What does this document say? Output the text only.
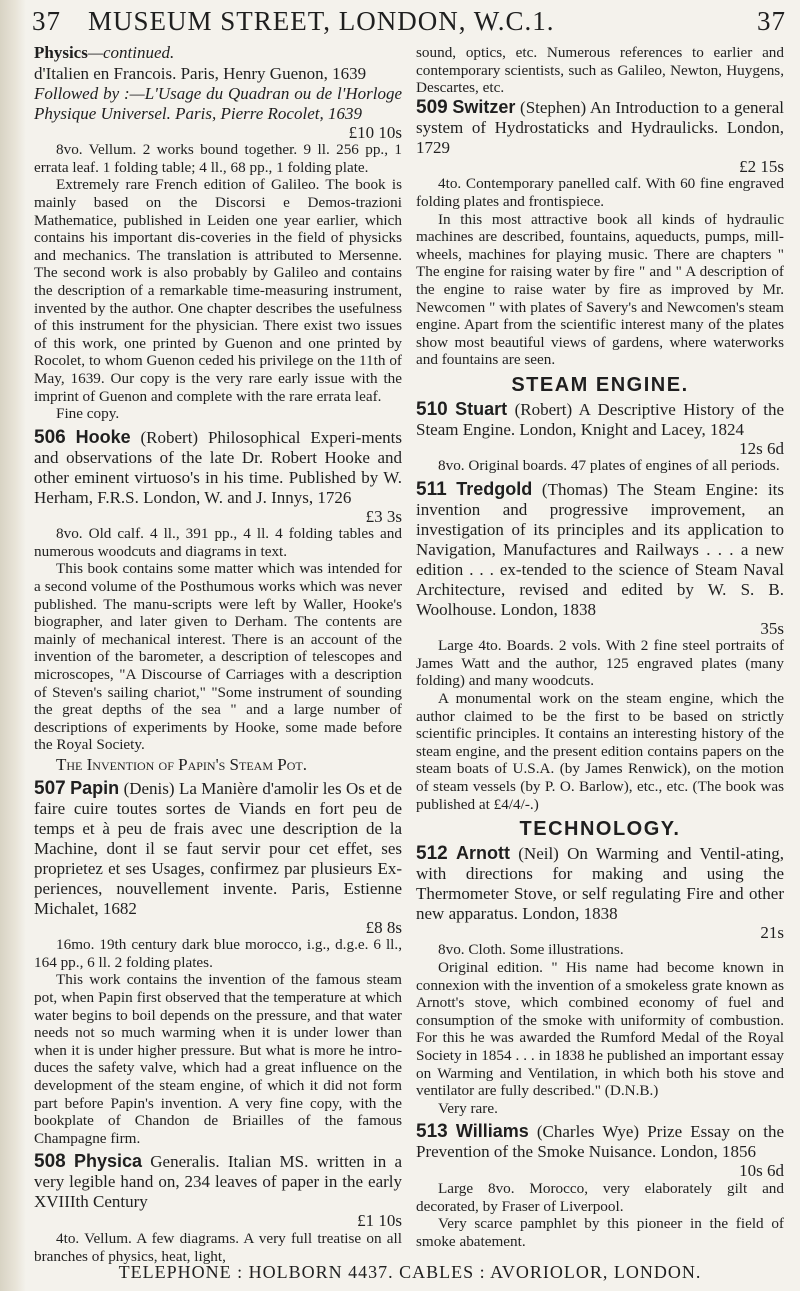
37 MUSEUM STREET, LONDON, W.C.1.	37
Physics—continued.
d'Italien en Francois. Paris, Henry Guenon, 1639
Followed by :—L'Usage du Quadran ou de l'Horloge Physique Universel. Paris, Pierre Rocolet, 1639
£10 10s

8vo. Vellum. 2 works bound together. 9 ll. 256 pp., 1 errata leaf. 1 folding table; 4 ll., 68 pp., 1 folding plate.

Extremely rare French edition of Galileo. The book is mainly based on the Discorsi e Demos-trazioni Mathematice, published in Leiden one year earlier, which contains his important dis-coveries in the field of physicks and mechanics. The translation is attributed to Mersenne. The second work is also probably by Galileo and contains the description of a remarkable time-measuring instrument, invented by the author. One chapter describes the usefulness of this instrument for the physician. There exist two issues of this work, one printed by Guenon and one printed by Rocolet, to whom Guenon ceded his privilege on the 11th of May, 1639. Our copy is the very rare early issue with the imprint of Guenon and complete with the rare errata leaf.

Fine copy.

506 Hooke (Robert) Philosophical Experi-ments and observations of the late Dr. Robert Hooke and other eminent virtuoso's in his time. Published by W. Herham, F.R.S. London, W. and J. Innys, 1726
£3 3s

8vo. Old calf. 4 ll., 391 pp., 4 ll. 4 folding tables and numerous woodcuts and diagrams in text.

This book contains some matter which was intended for a second volume of the Posthumous works which was never published. The manu-scripts were left by Waller, Hooke's biographer, and later given to Derham. The contents are mainly of mechanical interest. There is an account of the invention of the barometer, a description of telescopes and microscopes, "A Discourse of Carriages with a description of Steven's sailing chariot," "Some instrument of sounding the great depths of the sea " and a large number of descriptions of experiments by Hooke, some made before the Royal Society.

The Invention of Papin's Steam Pot.
507 Papin (Denis) La Manière d'amolir les Os et de faire cuire toutes sortes de Viands en fort peu de temps et à peu de frais avec une description de la Machine, dont il se faut servir pour cet effet, ses proprietez et ses Usages, confirmez par plusieurs Ex-periences, nouvellement invente. Paris, Estienne Michalet, 1682
£8 8s

16mo. 19th century dark blue morocco, i.g., d.g.e. 6 ll., 164 pp., 6 ll. 2 folding plates.

This work contains the invention of the famous steam pot, when Papin first observed that the temperature at which water begins to boil depends on the pressure, and that water needs not so much warming when it is under lower than when it is under higher pressure. But what is more he intro-duces the safety valve, which had a great influence on the development of the steam engine, of which it did not form part before Papin's invention. A very fine copy, with the bookplate of Chandon de Briailles of the famous Champagne firm.

508 Physica Generalis. Italian MS. written in a very legible hand on, 234 leaves of paper in the early XVIIIth Century
£1 10s

4to. Vellum. A few diagrams. A very full treatise on all branches of physics, heat, light,

sound, optics, etc. Numerous references to earlier and contemporary scientists, such as Galileo, Newton, Huygens, Descartes, etc.

509 Switzer (Stephen) An Introduction to a general system of Hydrostaticks and Hydraulicks. London, 1729
£2 15s

4to. Contemporary panelled calf. With 60 fine engraved folding plates and frontispiece.

In this most attractive book all kinds of hydraulic machines are described, fountains, aqueducts, pumps, mill-wheels, machines for playing music. There are chapters " The engine for raising water by fire " and " A description of the engine to raise water by fire as improved by Mr. Newcomen " with plates of Savery's and Newcomen's steam engine. Apart from the scientific interest many of the plates show most beautiful views of gardens, where waterworks and fountains are seen.

STEAM ENGINE.
510 Stuart (Robert) A Descriptive History of the Steam Engine. London, Knight and Lacey, 1824
12s 6d

8vo. Original boards. 47 plates of engines of all periods.

511 Tredgold (Thomas) The Steam Engine: its invention and progressive improvement, an investigation of its principles and its application to Navigation, Manufactures and Railways . . . a new edition . . . ex-tended to the science of Steam Naval Architecture, revised and edited by W. S. B. Woolhouse. London, 1838
35s

Large 4to. Boards. 2 vols. With 2 fine steel portraits of James Watt and the author, 125 engraved plates (many folding) and many woodcuts.

A monumental work on the steam engine, which the author claimed to be the first to be based on strictly scientific principles. It contains an interesting history of the steam engine, and the present edition contains papers on the steam boats of U.S.A. (by James Renwick), on the motion of steam vessels (by P. O. Barlow), etc., etc. (The book was published at £4/4/-.)

TECHNOLOGY.
512 Arnott (Neil) On Warming and Ventil-ating, with directions for making and using the Thermometer Stove, or self regulating Fire and other new apparatus. London, 1838
21s

8vo. Cloth. Some illustrations.

Original edition. " His name had become known in connexion with the invention of a smokeless grate known as Arnott's stove, which combined economy of fuel and consumption of the smoke with uniformity of combustion. For this he was awarded the Rumford Medal of the Royal Society in 1854 . . . in 1838 he published an important essay on Warming and Ventilation, in which both his stove and ventilator are fully described." (D.N.B.)

Very rare.

513 Williams (Charles Wye) Prize Essay on the Prevention of the Smoke Nuisance. London, 1856
10s 6d

Large 8vo. Morocco, very elaborately gilt and decorated, by Fraser of Liverpool.

Very scarce pamphlet by this pioneer in the field of smoke abatement.

TELEPHONE : HOLBORN 4437. CABLES : AVORIOLOR, LONDON.
